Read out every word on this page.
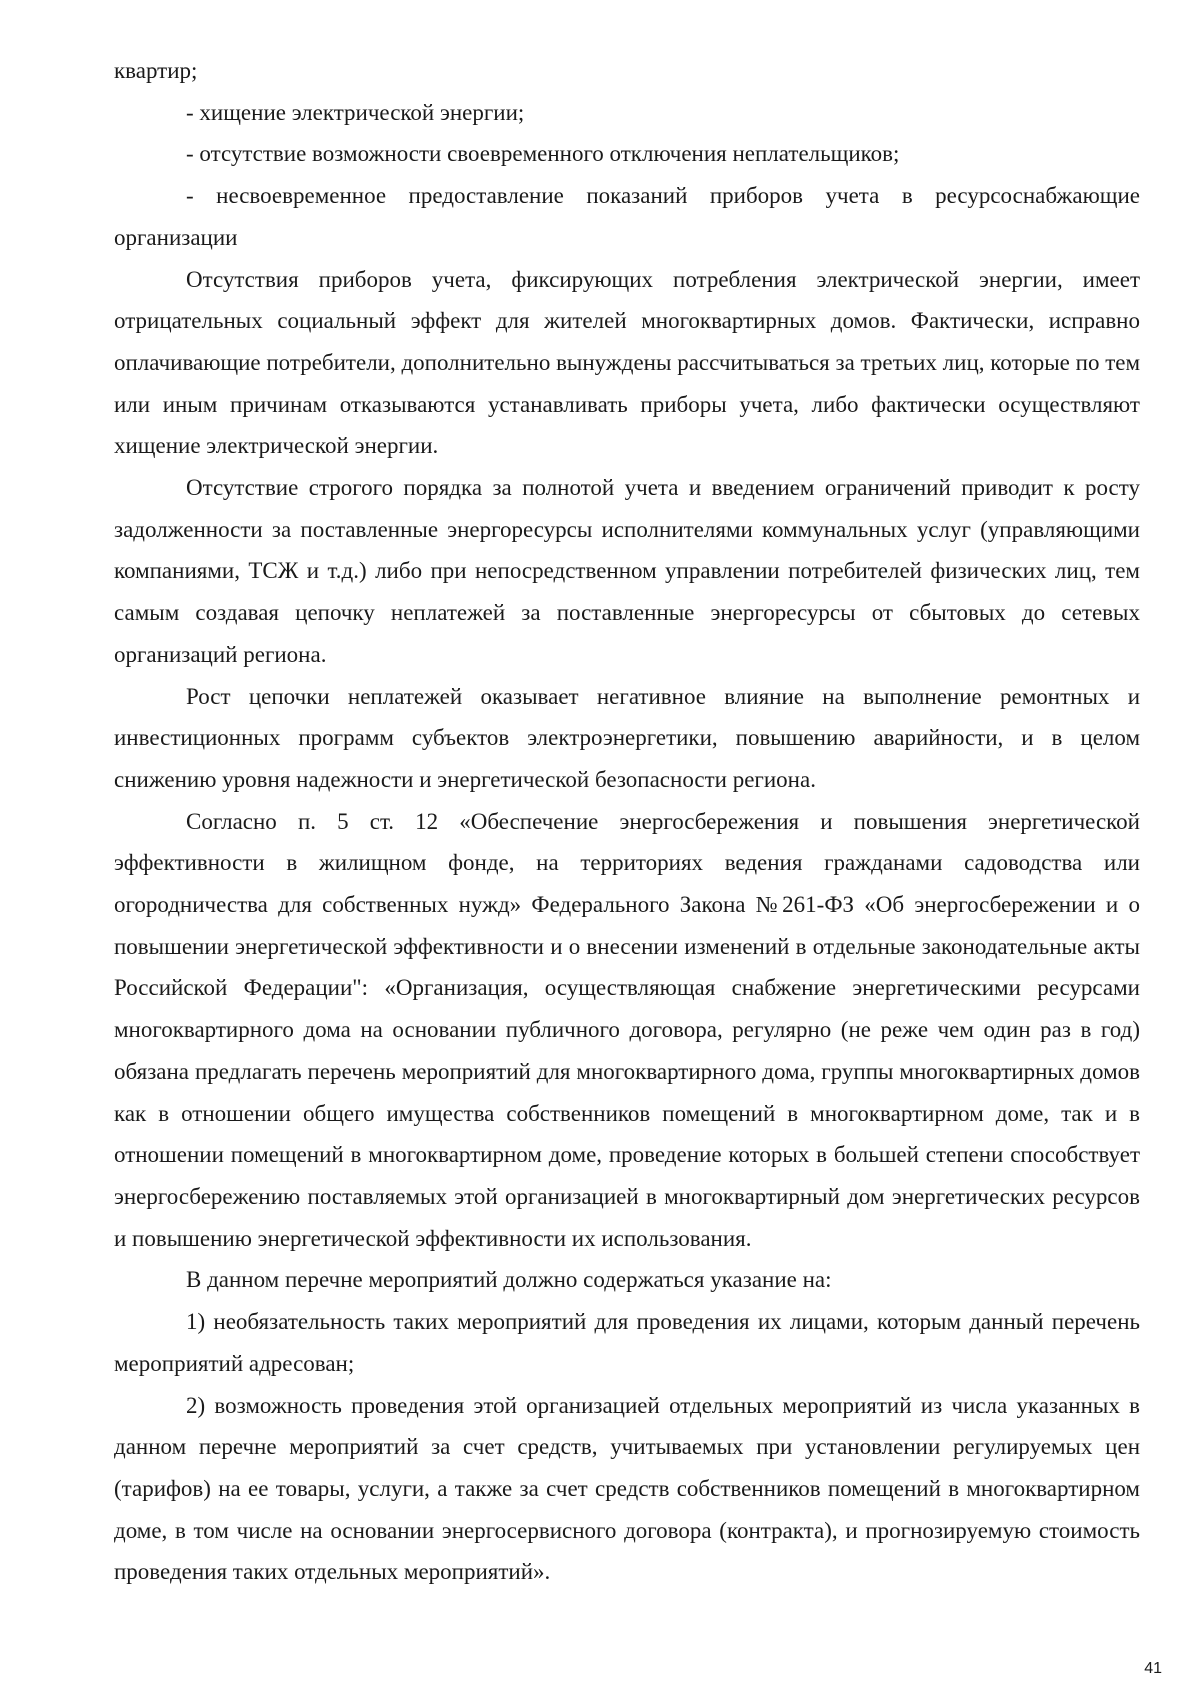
квартир;

- хищение электрической энергии;

- отсутствие возможности своевременного отключения неплательщиков;

- несвоевременное предоставление показаний приборов учета в ресурсоснабжающие организации

Отсутствия приборов учета, фиксирующих потребления электрической энергии, имеет отрицательных социальный эффект для жителей многоквартирных домов. Фактически, исправно оплачивающие потребители, дополнительно вынуждены рассчитываться за третьих лиц, которые по тем или иным причинам отказываются устанавливать приборы учета, либо фактически осуществляют хищение электрической энергии.

Отсутствие строгого порядка за полнотой учета и введением ограничений приводит к росту задолженности за поставленные энергоресурсы исполнителями коммунальных услуг (управляющими компаниями, ТСЖ и т.д.) либо при непосредственном управлении потребителей физических лиц, тем самым создавая цепочку неплатежей за поставленные энергоресурсы от сбытовых до сетевых организаций региона.

Рост цепочки неплатежей оказывает негативное влияние на выполнение ремонтных и инвестиционных программ субъектов электроэнергетики, повышению аварийности, и в целом снижению уровня надежности и энергетической безопасности региона.

Согласно п. 5 ст. 12 «Обеспечение энергосбережения и повышения энергетической эффективности в жилищном фонде, на территориях ведения гражданами садоводства или огородничества для собственных нужд» Федерального Закона №261-ФЗ «Об энергосбережении и о повышении энергетической эффективности и о внесении изменений в отдельные законодательные акты Российской Федерации": «Организация, осуществляющая снабжение энергетическими ресурсами многоквартирного дома на основании публичного договора, регулярно (не реже чем один раз в год) обязана предлагать перечень мероприятий для многоквартирного дома, группы многоквартирных домов как в отношении общего имущества собственников помещений в многоквартирном доме, так и в отношении помещений в многоквартирном доме, проведение которых в большей степени способствует энергосбережению поставляемых этой организацией в многоквартирный дом энергетических ресурсов и повышению энергетической эффективности их использования.

В данном перечне мероприятий должно содержаться указание на:

1) необязательность таких мероприятий для проведения их лицами, которым данный перечень мероприятий адресован;

2) возможность проведения этой организацией отдельных мероприятий из числа указанных в данном перечне мероприятий за счет средств, учитываемых при установлении регулируемых цен (тарифов) на ее товары, услуги, а также за счет средств собственников помещений в многоквартирном доме, в том числе на основании энергосервисного договора (контракта), и прогнозируемую стоимость проведения таких отдельных мероприятий».

41
